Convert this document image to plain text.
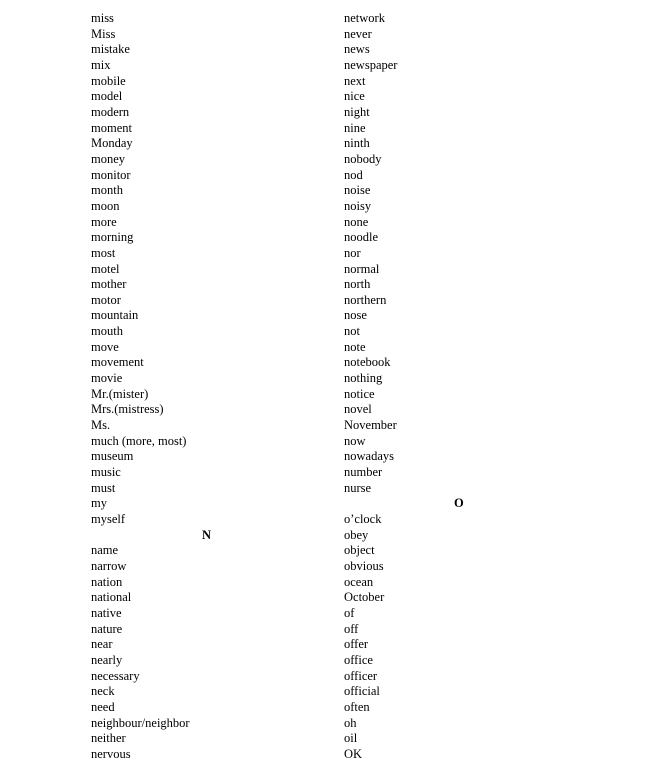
miss
Miss
mistake
mix
mobile
model
modern
moment
Monday
money
monitor
month
moon
more
morning
most
motel
mother
motor
mountain
mouth
move
movement
movie
Mr.(mister)
Mrs.(mistress)
Ms.
much (more, most)
museum
music
must
my
myself
N
name
narrow
nation
national
native
nature
near
nearly
necessary
neck
need
neighbour/neighbor
neither
nervous
network
never
news
newspaper
next
nice
night
nine
ninth
nobody
nod
noise
noisy
none
noodle
nor
normal
north
northern
nose
not
note
notebook
nothing
notice
novel
November
now
nowadays
number
nurse
O
o’clock
obey
object
obvious
ocean
October
of
off
offer
office
officer
official
often
oh
oil
OK
